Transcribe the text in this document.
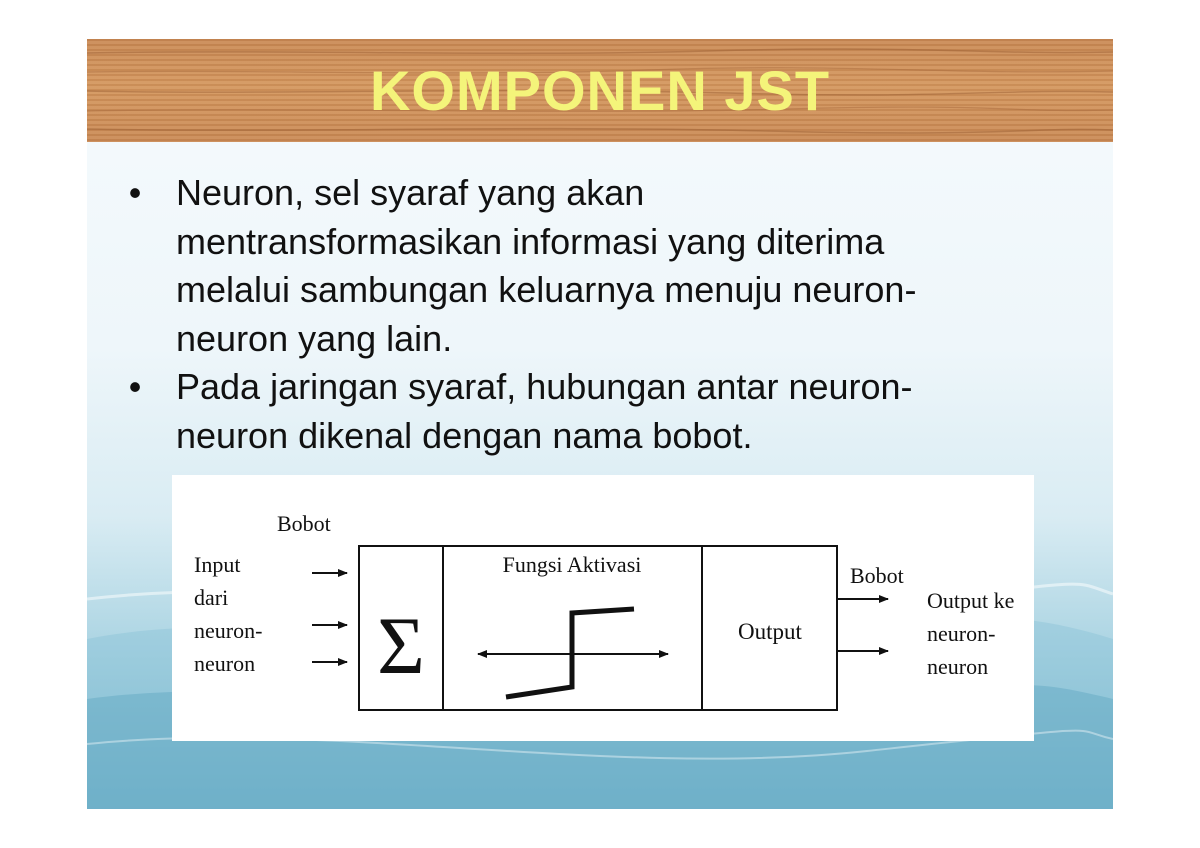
KOMPONEN JST
• Neuron, sel syaraf yang akan
mentransformasikan informasi yang diterima
melalui sambungan keluarnya menuju neuron-
neuron yang lain.
• Pada jaringan syaraf, hubungan antar neuron-
neuron dikenal dengan nama bobot.
Bobot
Input
dari
neuron-
neuron Σ
Fungsi Aktivasi
Output
Bobot
Output ke
neuron-
neuron
